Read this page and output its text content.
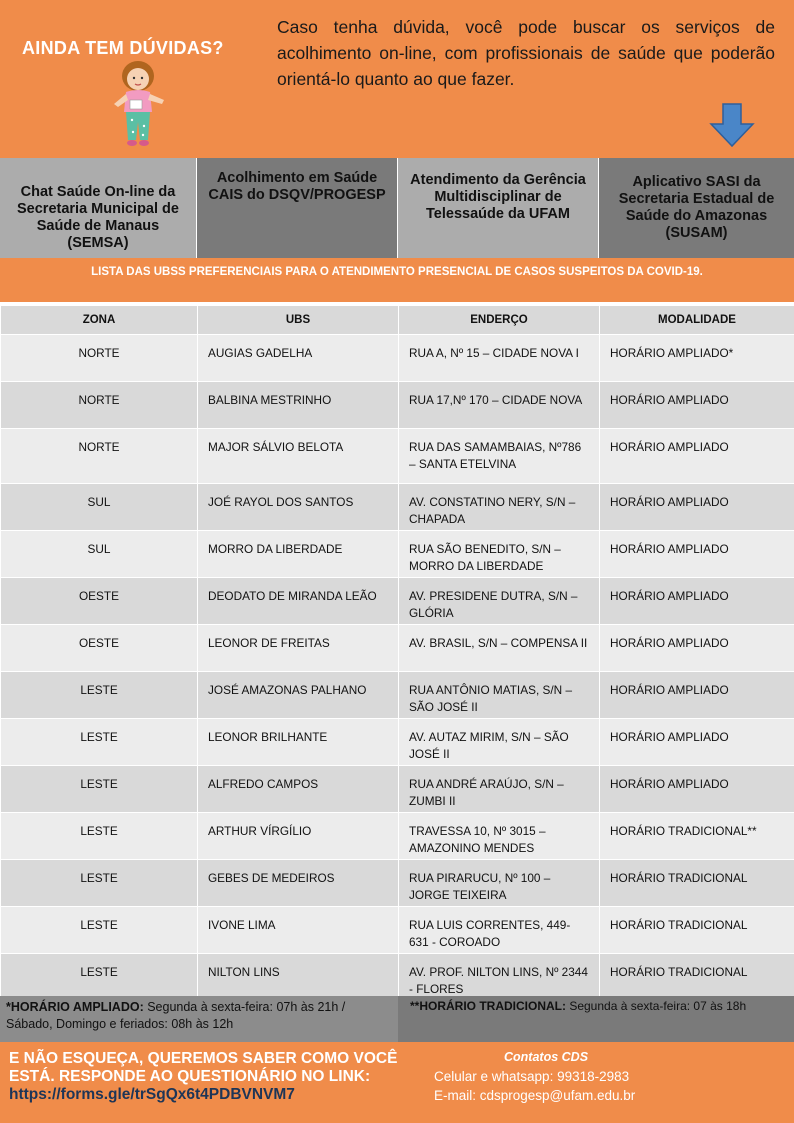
AINDA TEM DÚVIDAS?
Caso tenha dúvida, você pode buscar os serviços de acolhimento on-line, com profissionais de saúde que poderão orientá-lo quanto ao que fazer.
Chat Saúde On-line da Secretaria Municipal de Saúde de Manaus (SEMSA)
Acolhimento em Saúde CAIS do DSQV/PROGESP
Atendimento da Gerência Multidisciplinar de Telessaúde da UFAM
Aplicativo SASI da Secretaria Estadual de Saúde do Amazonas (SUSAM)
LISTA DAS UBSS PREFERENCIAIS PARA O ATENDIMENTO PRESENCIAL DE CASOS SUSPEITOS DA COVID-19.
ZONA	UBS	ENDERÇO	MODALIDADE
NORTE	AUGIAS GADELHA	RUA A, Nº 15 – CIDADE NOVA I	HORÁRIO AMPLIADO*
NORTE	BALBINA MESTRINHO	RUA 17,Nº 170 – CIDADE NOVA	HORÁRIO AMPLIADO
NORTE	MAJOR SÁLVIO BELOTA	RUA DAS SAMAMBAIAS, Nº786 – SANTA ETELVINA	HORÁRIO AMPLIADO
SUL	JOÉ RAYOL DOS SANTOS	AV. CONSTATINO NERY, S/N – CHAPADA	HORÁRIO AMPLIADO
SUL	MORRO DA LIBERDADE	RUA SÃO BENEDITO, S/N – MORRO DA LIBERDADE	HORÁRIO AMPLIADO
OESTE	DEODATO DE MIRANDA LEÃO	AV. PRESIDENE DUTRA, S/N – GLÓRIA	HORÁRIO AMPLIADO
OESTE	LEONOR DE FREITAS	AV. BRASIL, S/N – COMPENSA II	HORÁRIO AMPLIADO
LESTE	JOSÉ AMAZONAS PALHANO	RUA ANTÔNIO MATIAS, S/N – SÃO JOSÉ II	HORÁRIO AMPLIADO
LESTE	LEONOR BRILHANTE	AV. AUTAZ MIRIM, S/N – SÃO JOSÉ II	HORÁRIO AMPLIADO
LESTE	ALFREDO CAMPOS	RUA ANDRÉ ARAÚJO, S/N – ZUMBI II	HORÁRIO AMPLIADO
LESTE	ARTHUR VÍRGÍLIO	TRAVESSA 10, Nº 3015 – AMAZONINO MENDES	HORÁRIO TRADICIONAL**
LESTE	GEBES DE MEDEIROS	RUA PIRARUCU, Nº 100 – JORGE TEIXEIRA	HORÁRIO TRADICIONAL
LESTE	IVONE LIMA	RUA LUIS CORRENTES, 449-631 - COROADO	HORÁRIO TRADICIONAL
LESTE	NILTON LINS	AV. PROF. NILTON LINS, Nº 2344 - FLORES	HORÁRIO TRADICIONAL
*HORÁRIO AMPLIADO: Segunda à sexta-feira: 07h às 21h / Sábado, Domingo e feriados: 08h às 12h
**HORÁRIO TRADICIONAL: Segunda à sexta-feira: 07 às 18h
E NÃO ESQUEÇA, QUEREMOS SABER COMO VOCÊ ESTÁ. RESPONDE AO QUESTIONÁRIO NO LINK: https://forms.gle/trSgQx6t4PDBVNVM7
Contatos CDS
Celular e whatsapp: 99318-2983
E-mail: cdsprogesp@ufam.edu.br
